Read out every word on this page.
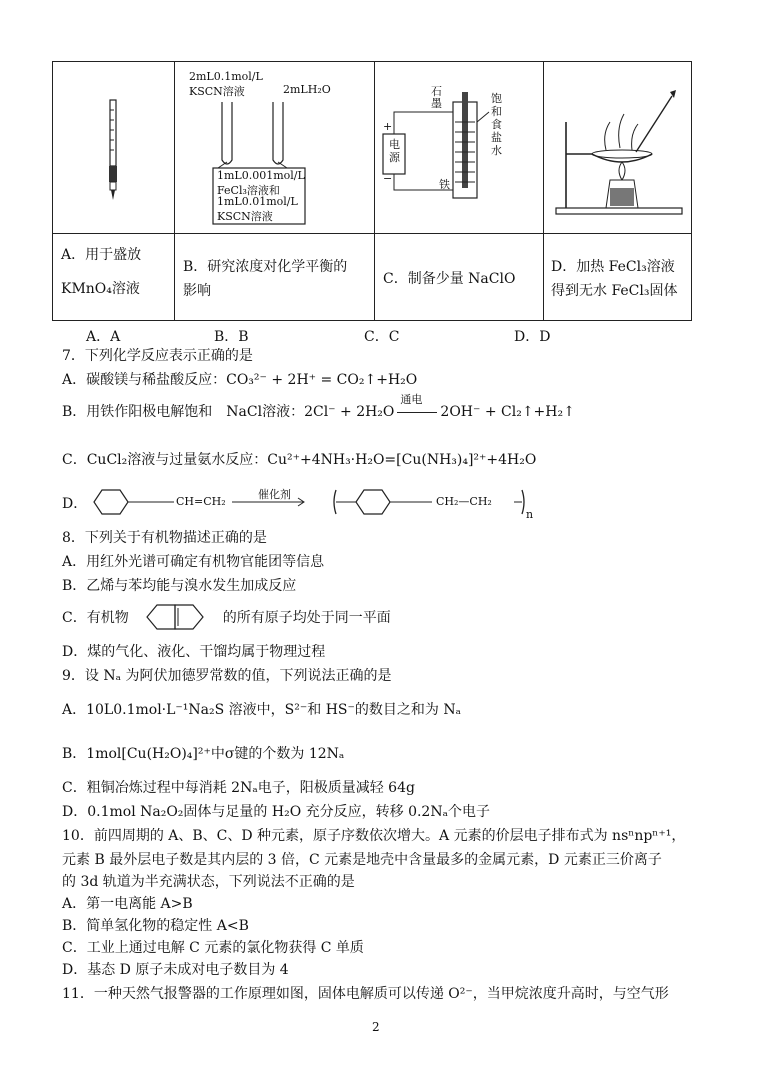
2mL0.1mol/L
KSCN溶液	2mLH₂O
1mL0.001mol/L
FeCl₃溶液和
1mL0.01mol/L
KSCN溶液
+
−
电源
石墨
铁
饱和食盐水
A．用于盛放
KMnO₄溶液
B．研究浓度对化学平衡的
影响
C．制备少量 NaClO
D．加热 FeCl₃溶液
得到无水 FeCl₃固体
A．A	B．B	C．C	D．D
7．下列化学反应表示正确的是
A．碳酸镁与稀盐酸反应：CO₃²⁻ + 2H⁺ = CO₂↑+H₂O
B．用铁作阳极电解饱和　NaCl溶液：2Cl⁻ + 2H₂O
通电
2OH⁻ + Cl₂↑+H₂↑
C．CuCl₂溶液与过量氨水反应：Cu²⁺+4NH₃·H₂O=[Cu(NH₃)₄]²⁺+4H₂O
D．	CH=CH₂
催化剂
CH₂—CH₂
n
8．下列关于有机物描述正确的是
A．用红外光谱可确定有机物官能团等信息
B．乙烯与苯均能与溴水发生加成反应
C．有机物	的所有原子均处于同一平面
D．煤的气化、液化、干馏均属于物理过程
9．设 Nₐ 为阿伏加德罗常数的值，下列说法正确的是
A．10L0.1mol·L⁻¹Na₂S 溶液中，S²⁻和 HS⁻的数目之和为 Nₐ
B．1mol[Cu(H₂O)₄]²⁺中σ键的个数为 12Nₐ
C．粗铜冶炼过程中每消耗 2Nₐ电子，阳极质量减轻 64g
D．0.1mol Na₂O₂固体与足量的 H₂O 充分反应，转移 0.2Nₐ个电子
10．前四周期的 A、B、C、D 种元素，原子序数依次增大。A 元素的价层电子排布式为 nsⁿnpⁿ⁺¹，
元素 B 最外层电子数是其内层的 3 倍，C 元素是地壳中含量最多的金属元素，D 元素正三价离子
的 3d 轨道为半充满状态，下列说法不正确的是
A．第一电离能 A>B
B．简单氢化物的稳定性 A<B
C．工业上通过电解 C 元素的氯化物获得 C 单质
D．基态 D 原子未成对电子数目为 4
11．一种天然气报警器的工作原理如图，固体电解质可以传递 O²⁻，当甲烷浓度升高时，与空气形
2
